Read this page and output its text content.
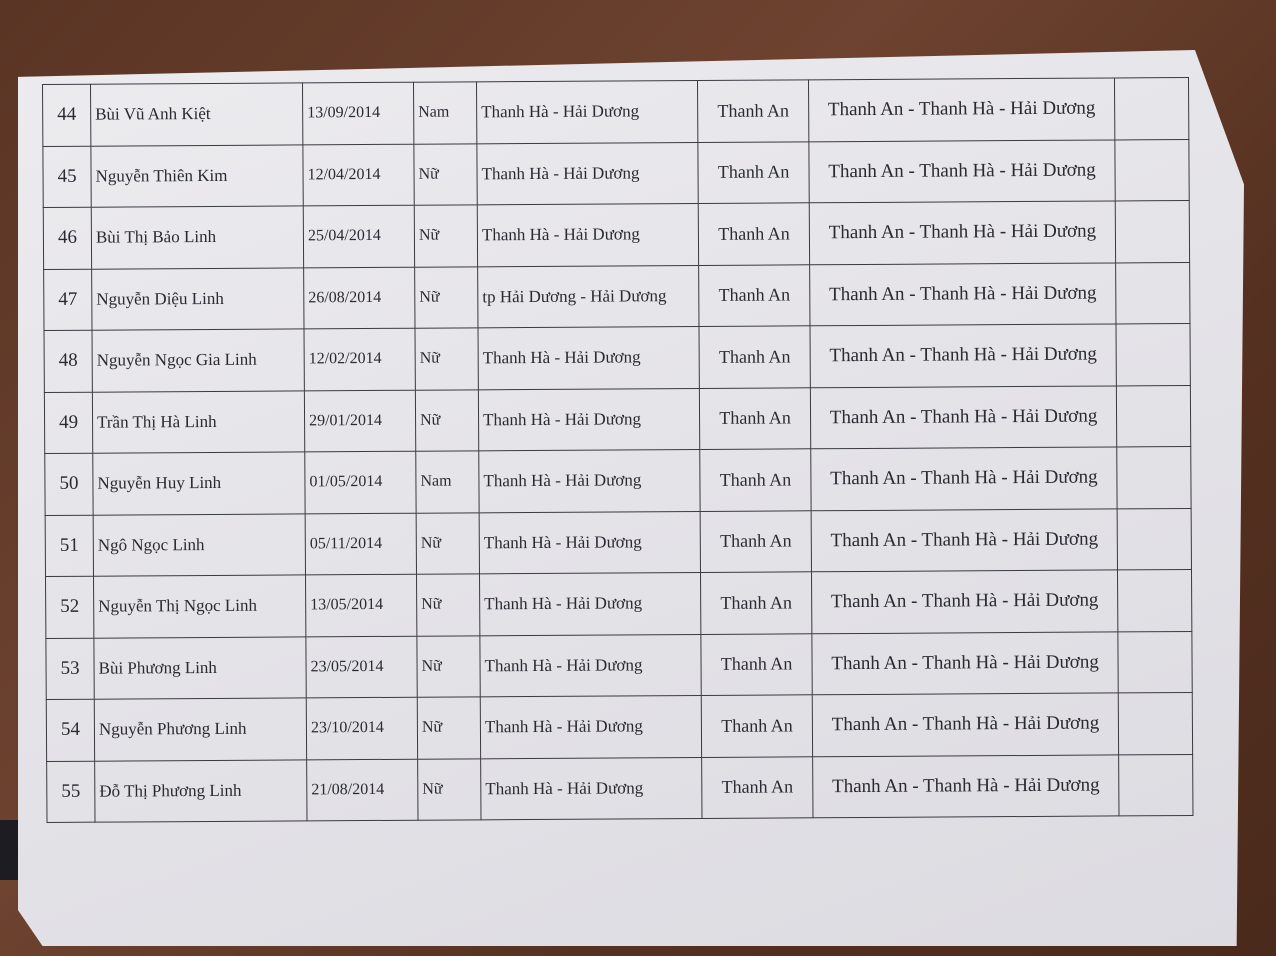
44	Bùi Vũ Anh Kiệt	13/09/2014	Nam	Thanh Hà - Hải Dương	Thanh An	Thanh An - Thanh Hà - Hải Dương	
45	Nguyễn Thiên Kim	12/04/2014	Nữ	Thanh Hà - Hải Dương	Thanh An	Thanh An - Thanh Hà - Hải Dương	
46	Bùi Thị Bảo Linh	25/04/2014	Nữ	Thanh Hà - Hải Dương	Thanh An	Thanh An - Thanh Hà - Hải Dương	
47	Nguyễn Diệu Linh	26/08/2014	Nữ	tp Hải Dương - Hải Dương	Thanh An	Thanh An - Thanh Hà - Hải Dương	
48	Nguyễn Ngọc Gia Linh	12/02/2014	Nữ	Thanh Hà - Hải Dương	Thanh An	Thanh An - Thanh Hà - Hải Dương	
49	Trần Thị Hà Linh	29/01/2014	Nữ	Thanh Hà - Hải Dương	Thanh An	Thanh An - Thanh Hà - Hải Dương	
50	Nguyễn Huy Linh	01/05/2014	Nam	Thanh Hà - Hải Dương	Thanh An	Thanh An - Thanh Hà - Hải Dương	
51	Ngô Ngọc Linh	05/11/2014	Nữ	Thanh Hà - Hải Dương	Thanh An	Thanh An - Thanh Hà - Hải Dương	
52	Nguyễn Thị Ngọc Linh	13/05/2014	Nữ	Thanh Hà - Hải Dương	Thanh An	Thanh An - Thanh Hà - Hải Dương	
53	Bùi Phương Linh	23/05/2014	Nữ	Thanh Hà - Hải Dương	Thanh An	Thanh An - Thanh Hà - Hải Dương	
54	Nguyễn Phương Linh	23/10/2014	Nữ	Thanh Hà - Hải Dương	Thanh An	Thanh An - Thanh Hà - Hải Dương	
55	Đỗ Thị Phương Linh	21/08/2014	Nữ	Thanh Hà - Hải Dương	Thanh An	Thanh An - Thanh Hà - Hải Dương	
